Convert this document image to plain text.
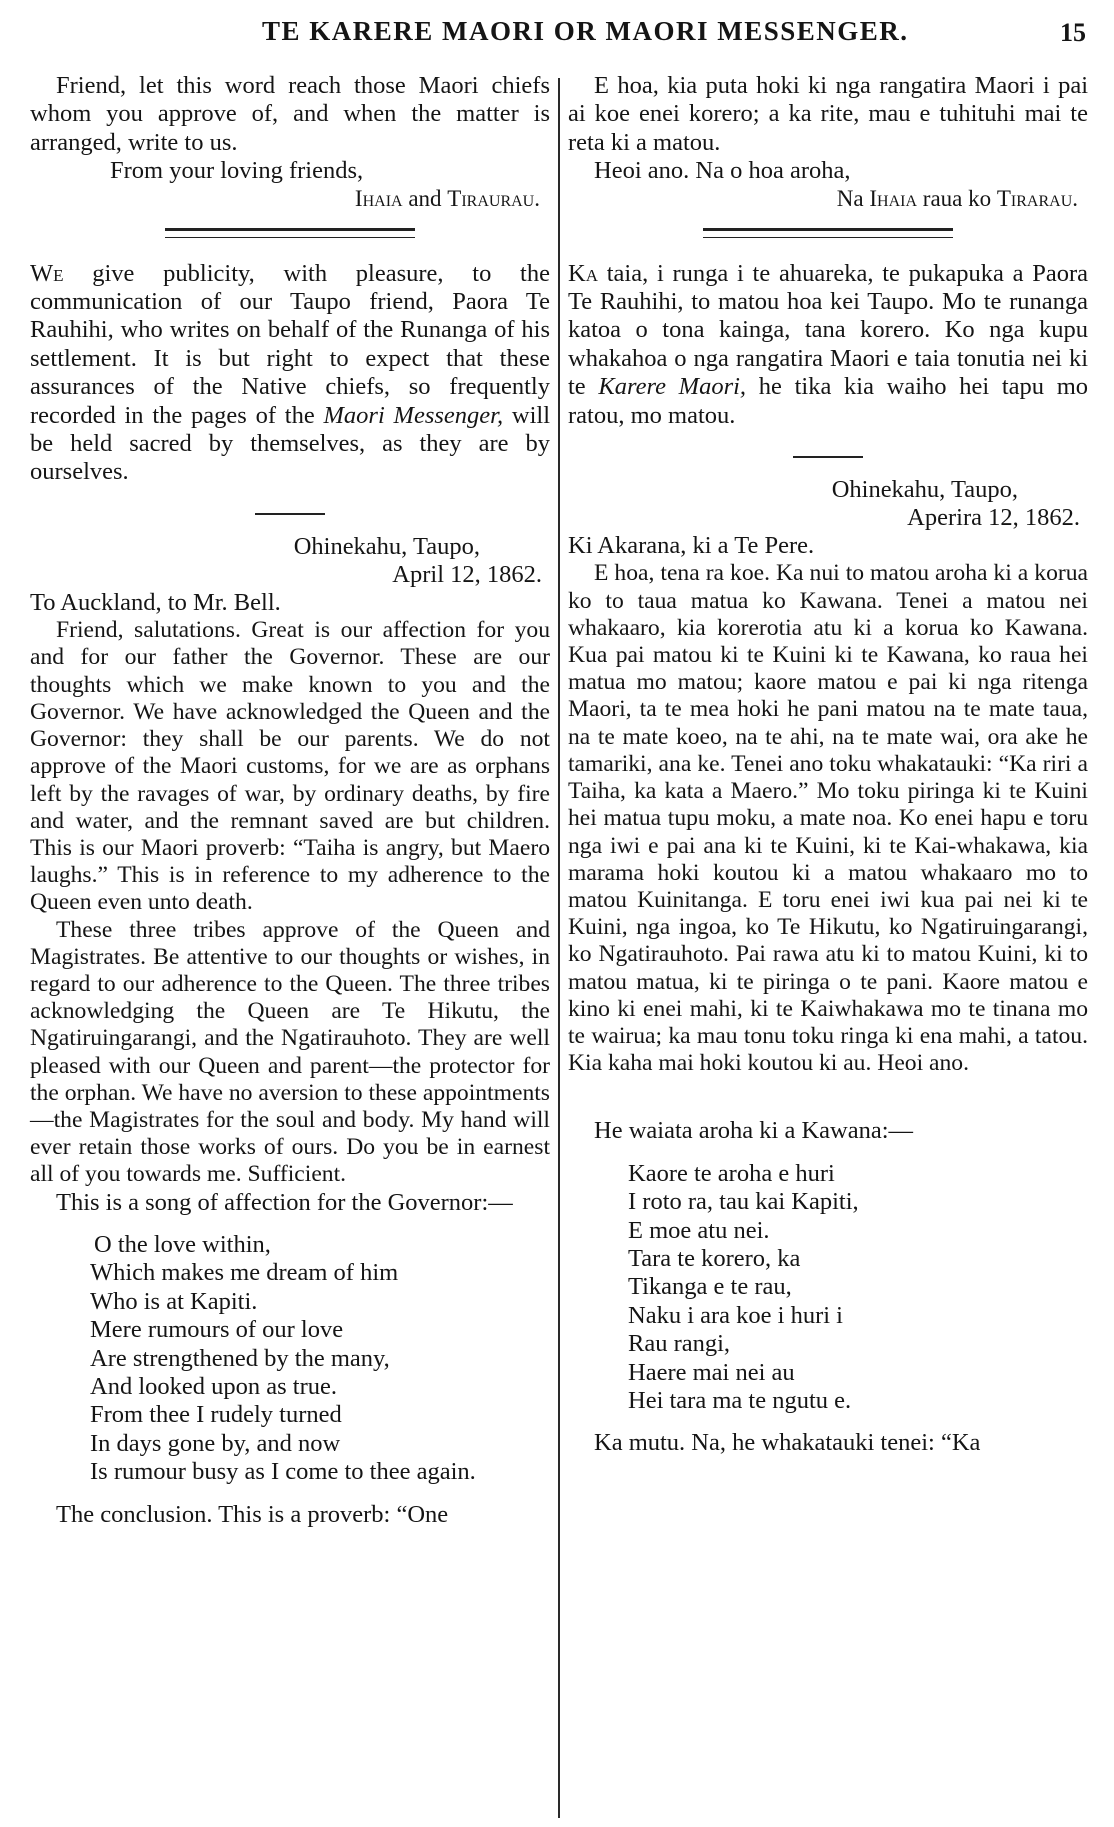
TE KARERE MAORI OR MAORI MESSENGER.	15

Friend, let this word reach those Maori chiefs whom you approve of, and when the matter is arranged, write to us.

From your loving friends,

Ihaia and Tiraurau.

We give publicity, with pleasure, to the communication of our Taupo friend, Paora Te Rauhihi, who writes on behalf of the Runanga of his settlement. It is but right to expect that these assurances of the Native chiefs, so frequently recorded in the pages of the Maori Messenger, will be held sacred by themselves, as they are by ourselves.

Ohinekahu, Taupo,

April 12, 1862.

To Auckland, to Mr. Bell.

Friend, salutations. Great is our affection for you and for our father the Governor. These are our thoughts which we make known to you and the Governor. We have acknowledged the Queen and the Governor: they shall be our parents. We do not approve of the Maori customs, for we are as orphans left by the ravages of war, by ordinary deaths, by fire and water, and the remnant saved are but children. This is our Maori proverb: “Taiha is angry, but Maero laughs.” This is in reference to my adherence to the Queen even unto death.

These three tribes approve of the Queen and Magistrates. Be attentive to our thoughts or wishes, in regard to our adherence to the Queen. The three tribes acknowledging the Queen are Te Hikutu, the Ngatiruingarangi, and the Ngatirauhoto. They are well pleased with our Queen and parent—the protector for the orphan. We have no aversion to these appointments—the Magistrates for the soul and body. My hand will ever retain those works of ours. Do you be in earnest all of you towards me. Sufficient.

This is a song of affection for the Governor:—

O the love within,
Which makes me dream of him
Who is at Kapiti.
Mere rumours of our love
Are strengthened by the many,
And looked upon as true.
From thee I rudely turned
In days gone by, and now
Is rumour busy as I come to thee again.

The conclusion. This is a proverb: “One

E hoa, kia puta hoki ki nga rangatira Maori i pai ai koe enei korero; a ka rite, mau e tuhituhi mai te reta ki a matou.

Heoi ano. Na o hoa aroha,

Na Ihaia raua ko Tirarau.

Ka taia, i runga i te ahuareka, te pukapuka a Paora Te Rauhihi, to matou hoa kei Taupo. Mo te runanga katoa o tona kainga, tana korero. Ko nga kupu whakahoa o nga rangatira Maori e taia tonutia nei ki te Karere Maori, he tika kia waiho hei tapu mo ratou, mo matou.

Ohinekahu, Taupo,

Aperira 12, 1862.

Ki Akarana, ki a Te Pere.

E hoa, tena ra koe. Ka nui to matou aroha ki a korua ko to taua matua ko Kawana. Tenei a matou nei whakaaro, kia korerotia atu ki a korua ko Kawana. Kua pai matou ki te Kuini ki te Kawana, ko raua hei matua mo matou; kaore matou e pai ki nga ritenga Maori, ta te mea hoki he pani matou na te mate taua, na te mate koeo, na te ahi, na te mate wai, ora ake he tamariki, ana ke. Tenei ano toku whakatauki: “Ka riri a Taiha, ka kata a Maero.” Mo toku piringa ki te Kuini hei matua tupu moku, a mate noa. Ko enei hapu e toru nga iwi e pai ana ki te Kuini, ki te Kai-whakawa, kia marama hoki koutou ki a matou whakaaro mo to matou Kuinitanga. E toru enei iwi kua pai nei ki te Kuini, nga ingoa, ko Te Hikutu, ko Ngatiruingarangi, ko Ngatirauhoto. Pai rawa atu ki to matou Kuini, ki to matou matua, ki te piringa o te pani. Kaore matou e kino ki enei mahi, ki te Kaiwhakawa mo te tinana mo te wairua; ka mau tonu toku ringa ki ena mahi, a tatou. Kia kaha mai hoki koutou ki au. Heoi ano.

He waiata aroha ki a Kawana:—

Kaore te aroha e huri
I roto ra, tau kai Kapiti,
E moe atu nei.
Tara te korero, ka
Tikanga e te rau,
Naku i ara koe i huri i
Rau rangi,
Haere mai nei au
Hei tara ma te ngutu e.

Ka mutu. Na, he whakatauki tenei: “Ka
